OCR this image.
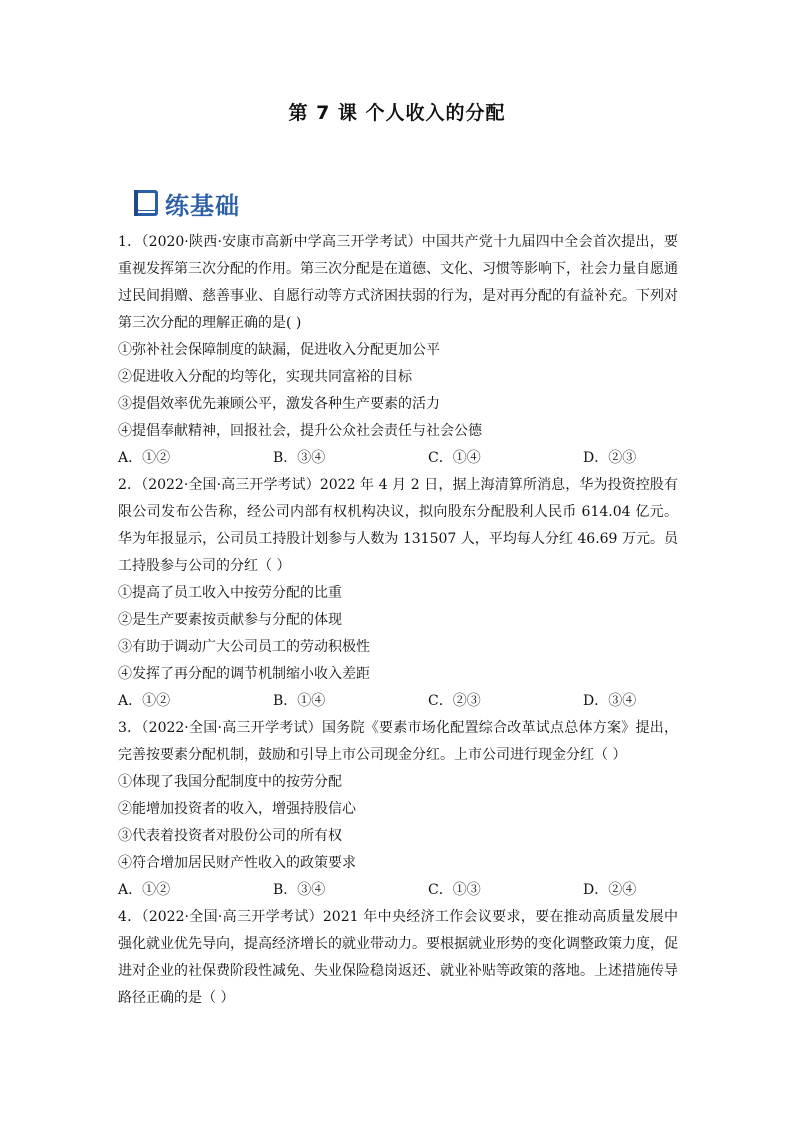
第 7 课 个人收入的分配
练基础

1．（2020·陕西·安康市高新中学高三开学考试）中国共产党十九届四中全会首次提出，要重视发挥第三次分配的作用。第三次分配是在道德、文化、习惯等影响下，社会力量自愿通过民间捐赠、慈善事业、自愿行动等方式济困扶弱的行为，是对再分配的有益补充。下列对第三次分配的理解正确的是( )

①弥补社会保障制度的缺漏，促进收入分配更加公平

②促进收入分配的均等化，实现共同富裕的目标

③提倡效率优先兼顾公平，激发各种生产要素的活力

④提倡奉献精神，回报社会，提升公众社会责任与社会公德

A．①②	B．③④	C．①④	D．②③

2．（2022·全国·高三开学考试）2022 年 4 月 2 日，据上海清算所消息，华为投资控股有限公司发布公告称，经公司内部有权机构决议，拟向股东分配股利人民币 614.04 亿元。华为年报显示，公司员工持股计划参与人数为 131507 人，平均每人分红 46.69 万元。员工持股参与公司的分红（ ）

①提高了员工收入中按劳分配的比重

②是生产要素按贡献参与分配的体现

③有助于调动广大公司员工的劳动积极性

④发挥了再分配的调节机制缩小收入差距

A．①②	B．①④	C．②③	D．③④

3．（2022·全国·高三开学考试）国务院《要素市场化配置综合改革试点总体方案》提出，完善按要素分配机制，鼓励和引导上市公司现金分红。上市公司进行现金分红（ ）

①体现了我国分配制度中的按劳分配

②能增加投资者的收入，增强持股信心

③代表着投资者对股份公司的所有权

④符合增加居民财产性收入的政策要求

A．①②	B．③④	C．①③	D．②④

4．（2022·全国·高三开学考试）2021 年中央经济工作会议要求，要在推动高质量发展中强化就业优先导向，提高经济增长的就业带动力。要根据就业形势的变化调整政策力度，促进对企业的社保费阶段性减免、失业保险稳岗返还、就业补贴等政策的落地。上述措施传导路径正确的是（ ）
